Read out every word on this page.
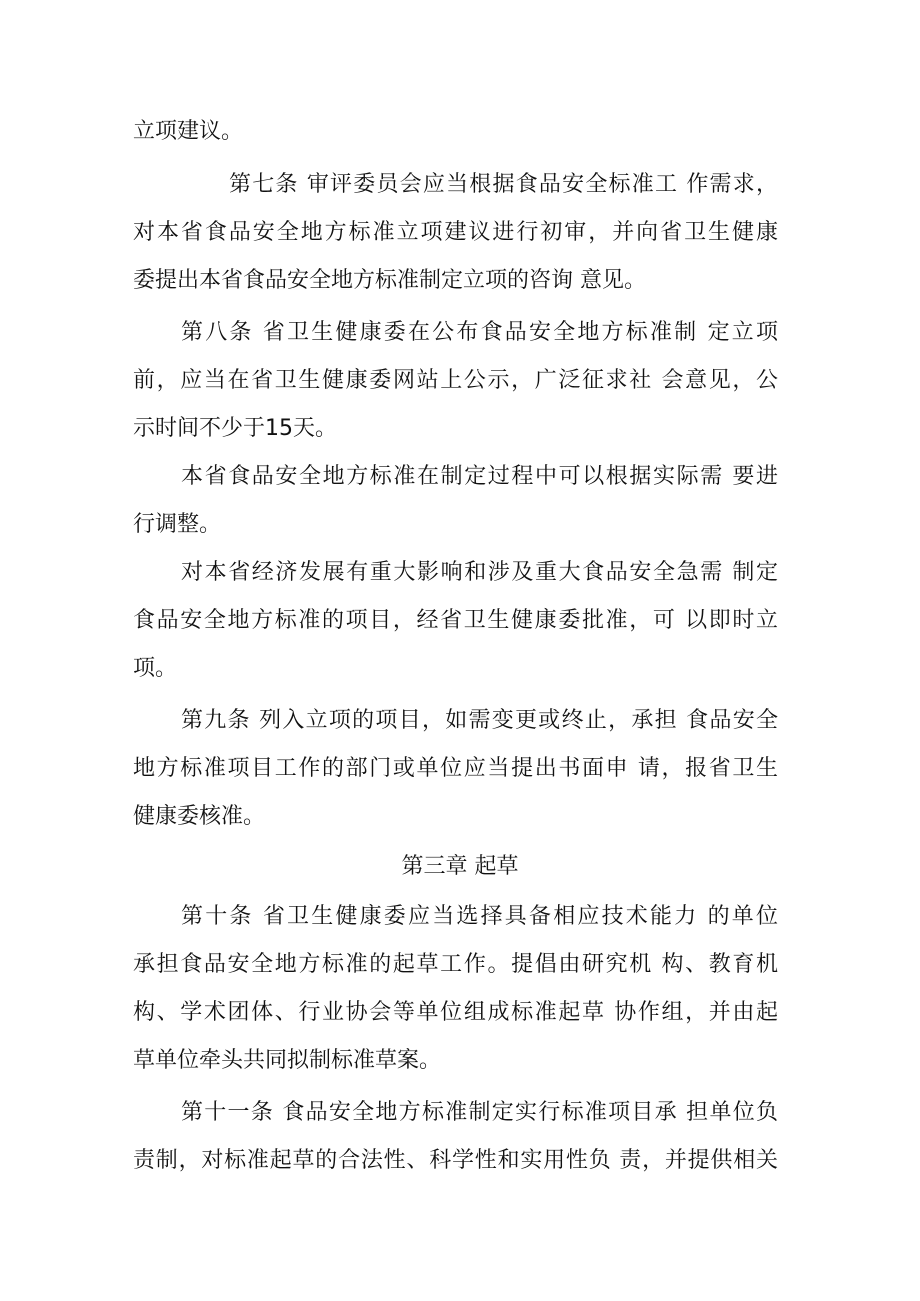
立项建议。
第七条 审评委员会应当根据食品安全标准工 作需求，
对本省食品安全地方标准立项建议进行初审，并向省卫生健康
委提出本省食品安全地方标准制定立项的咨询 意见。
第八条 省卫生健康委在公布食品安全地方标准制 定立项
前，应当在省卫生健康委网站上公示，广泛征求社 会意见，公
示时间不少于15天。
本省食品安全地方标准在制定过程中可以根据实际需 要进
行调整。
对本省经济发展有重大影响和涉及重大食品安全急需 制定
食品安全地方标准的项目，经省卫生健康委批准，可 以即时立
项。
第九条 列入立项的项目，如需变更或终止，承担 食品安全
地方标准项目工作的部门或单位应当提出书面申 请，报省卫生
健康委核准。
第三章 起草
第十条 省卫生健康委应当选择具备相应技术能力 的单位
承担食品安全地方标准的起草工作。提倡由研究机 构、教育机
构、学术团体、行业协会等单位组成标准起草 协作组，并由起
草单位牵头共同拟制标准草案。
第十一条 食品安全地方标准制定实行标准项目承 担单位负
责制，对标准起草的合法性、科学性和实用性负 责，并提供相关
